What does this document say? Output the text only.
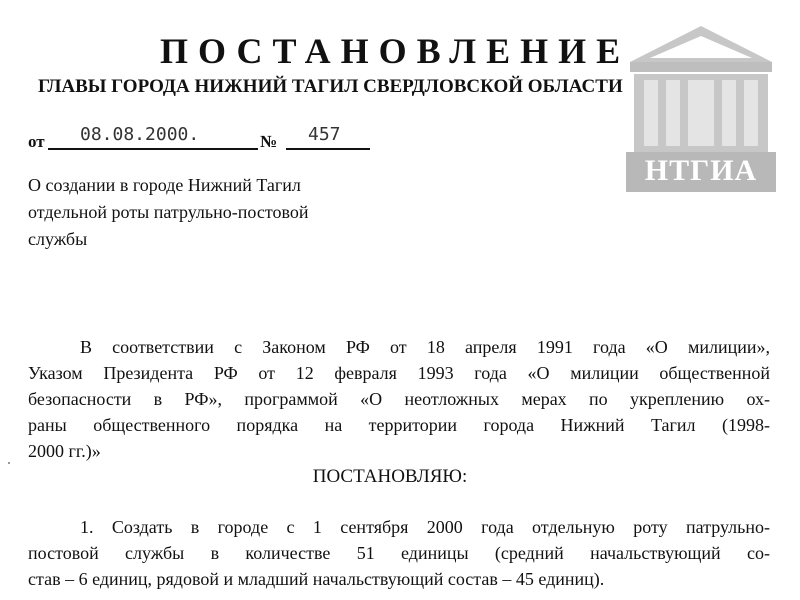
НТГИА
ПОСТАНОВЛЕНИЕ
ГЛАВЫ ГОРОДА НИЖНИЙ ТАГИЛ СВЕРДЛОВСКОЙ ОБЛАСТИ
от	08.08.2000.	№	457
О создании в городе Нижний Тагил
отдельной роты патрульно-постовой
службы
В соответствии с Законом РФ от 18 апреля 1991 года «О милиции»,
Указом Президента РФ от 12 февраля 1993 года «О милиции общественной
безопасности в РФ», программой «О неотложных мерах по укреплению ох-
раны общественного порядка на территории города Нижний Тагил (1998-
2000 гг.)»
ПОСТАНОВЛЯЮ:
1. Создать в городе с 1 сентября 2000 года отдельную роту патрульно-
постовой службы в количестве 51 единицы (средний начальствующий со-
став – 6 единиц, рядовой и младший начальствующий состав – 45 единиц).
